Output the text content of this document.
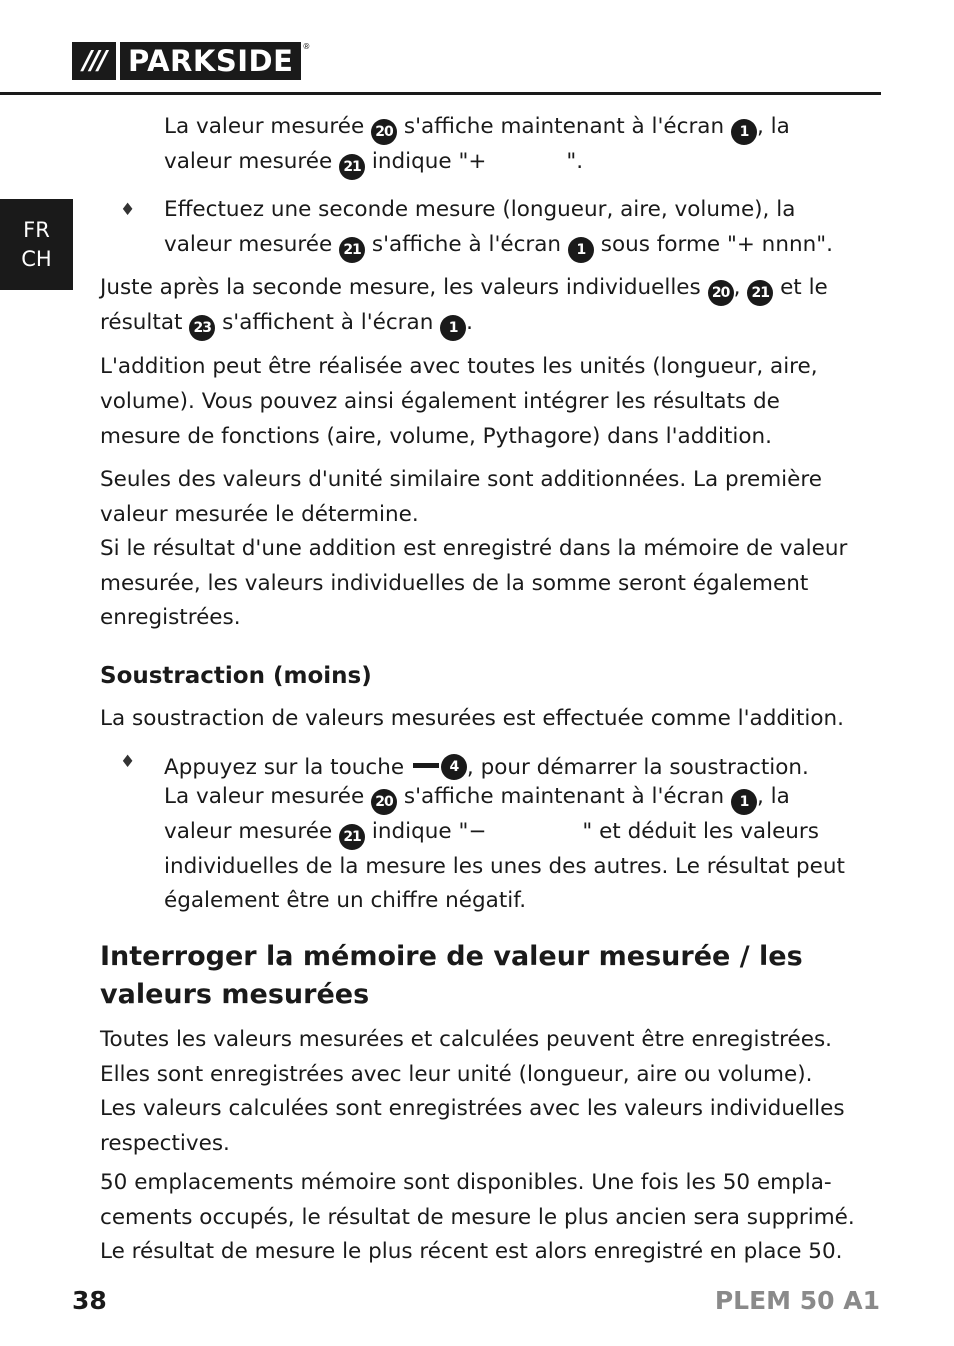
/// PARKSIDE	®
FR
CH
La valeur mesurée 20 s'affiche maintenant à l'écran 1 , la
valeur mesurée 21 indique "+	".
♦ Effectuez une seconde mesure (longueur, aire, volume), la
valeur mesurée 21 s'affiche à l'écran 1 sous forme "+ nnnn".
Juste après la seconde mesure, les valeurs individuelles 20 , 21 et le
résultat 23 s'affichent à l'écran 1 .
L'addition peut être réalisée avec toutes les unités (longueur, aire,
volume). Vous pouvez ainsi également intégrer les résultats de
mesure de fonctions (aire, volume, Pythagore) dans l'addition.
Seules des valeurs d'unité similaire sont additionnées. La première
valeur mesurée le détermine.
Si le résultat d'une addition est enregistré dans la mémoire de valeur
mesurée, les valeurs individuelles de la somme seront également
enregistrées.
Soustraction (moins)
La soustraction de valeurs mesurées est effectuée comme l'addition.
♦ Appuyez sur la touche	4 , pour démarrer la soustraction.
La valeur mesurée 20 s'affiche maintenant à l'écran 1 , la
valeur mesurée 21 indique "−	" et déduit les valeurs
individuelles de la mesure les unes des autres. Le résultat peut
également être un chiffre négatif.
Interroger la mémoire de valeur mesurée / les
valeurs mesurées
Toutes les valeurs mesurées et calculées peuvent être enregistrées.
Elles sont enregistrées avec leur unité (longueur, aire ou volume).
Les valeurs calculées sont enregistrées avec les valeurs individuelles
respectives.
50 emplacements mémoire sont disponibles. Une fois les 50 empla-
cements occupés, le résultat de mesure le plus ancien sera supprimé.
Le résultat de mesure le plus récent est alors enregistré en place 50.
38	PLEM 50 A1
